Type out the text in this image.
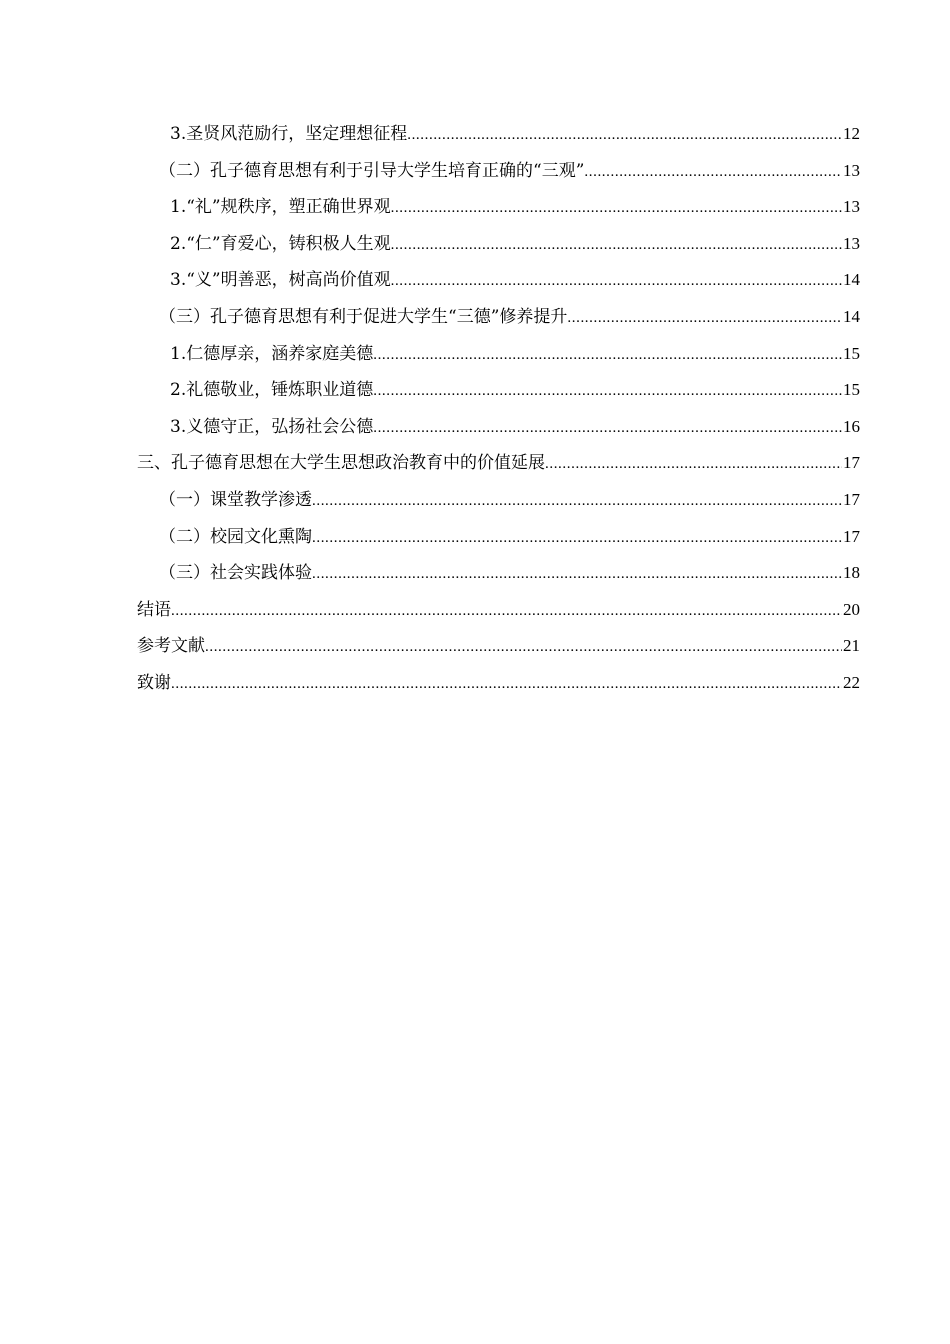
3.圣贤风范励行，坚定理想征程 .....	12
（二）孔子德育思想有利于引导大学生培育正确的“三观” .....	13
1.“礼”规秩序，塑正确世界观 .....	13
2.“仁”育爱心，铸积极人生观 .....	13
3.“义”明善恶，树高尚价值观 .....	14
（三）孔子德育思想有利于促进大学生“三德”修养提升 .....	14
1.仁德厚亲，涵养家庭美德 .....	15
2.礼德敬业，锤炼职业道德 .....	15
3.义德守正，弘扬社会公德 .....	16
三、孔子德育思想在大学生思想政治教育中的价值延展 .....	17
（一）课堂教学渗透 .....	17
（二）校园文化熏陶 .....	17
（三）社会实践体验 .....	18
结语 .....	20
参考文献 .....	21
致谢 .....	22
